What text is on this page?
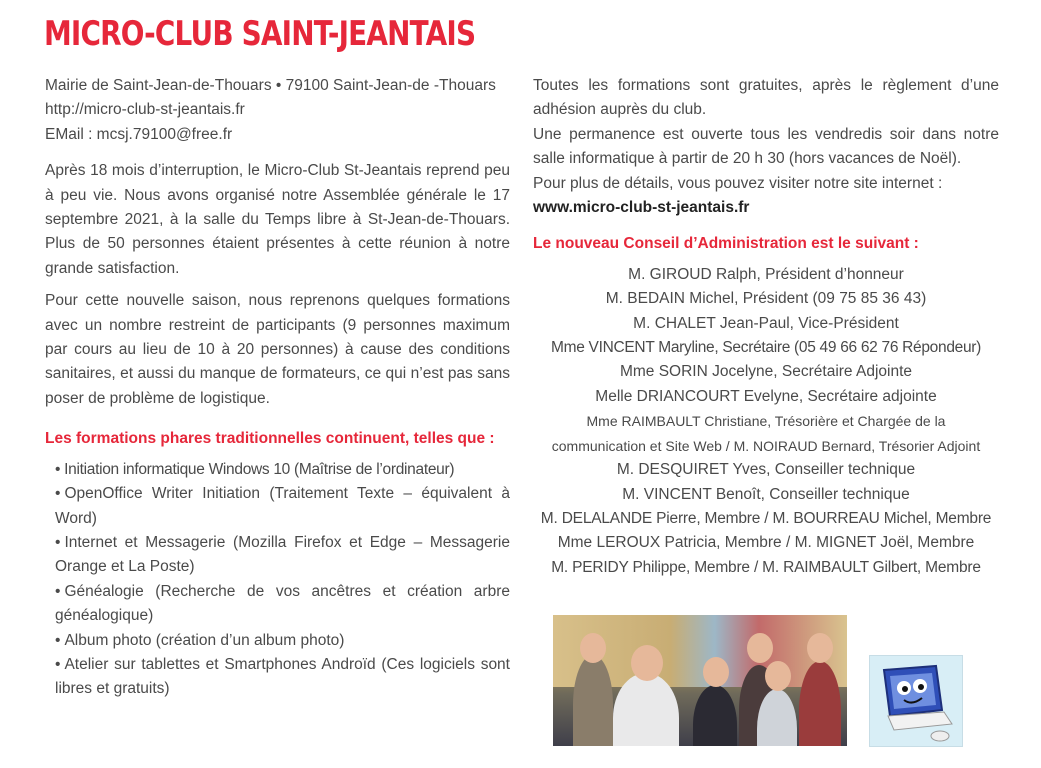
MICRO-CLUB SAINT-JEANTAIS
Mairie de Saint-Jean-de-Thouars • 79100 Saint-Jean-de -Thouars
http://micro-club-st-jeantais.fr
EMail : mcsj.79100@free.fr

Après 18 mois d’interruption, le Micro-Club St-Jeantais reprend peu à peu vie. Nous avons organisé notre Assemblée générale le 17 septembre 2021, à la salle du Temps libre à St-Jean-de-Thouars. Plus de 50 personnes étaient présentes à cette réunion à notre grande satisfaction.

Pour cette nouvelle saison, nous reprenons quelques formations avec un nombre restreint de participants (9 personnes maximum par cours au lieu de 10 à 20 personnes) à cause des conditions sanitaires, et aussi du manque de formateurs, ce qui n’est pas sans poser de problème de logistique.

Les formations phares traditionnelles continuent, telles que :

• Initiation informatique Windows 10 (Maîtrise de l’ordinateur)
• OpenOffice Writer Initiation (Traitement Texte – équivalent à Word)
• Internet et Messagerie (Mozilla Firefox et Edge – Messagerie Orange et La Poste)
• Généalogie (Recherche de vos ancêtres et création arbre généalogique)
• Album photo (création d’un album photo)
• Atelier sur tablettes et Smartphones Androïd (Ces logiciels sont libres et gratuits)

Toutes les formations sont gratuites, après le règlement d’une adhésion auprès du club.

Une permanence est ouverte tous les vendredis soir dans notre salle informatique à partir de 20 h 30 (hors vacances de Noël).

Pour plus de détails, vous pouvez visiter notre site internet :

www.micro-club-st-jeantais.fr

Le nouveau Conseil d’Administration est le suivant :

M. GIROUD Ralph, Président d’honneur
M. BEDAIN Michel, Président (09 75 85 36 43)
M. CHALET Jean-Paul, Vice-Président
Mme VINCENT Maryline, Secrétaire (05 49 66 62 76 Répondeur)
Mme SORIN Jocelyne, Secrétaire Adjointe
Melle DRIANCOURT Evelyne, Secrétaire adjointe
Mme RAIMBAULT Christiane, Trésorière et Chargée de la
communication et Site Web / M. NOIRAUD Bernard, Trésorier Adjoint
M. DESQUIRET Yves, Conseiller technique
M. VINCENT Benoît, Conseiller technique
M. DELALANDE Pierre, Membre / M. BOURREAU Michel, Membre
Mme LEROUX Patricia, Membre / M. MIGNET Joël, Membre
M. PERIDY Philippe, Membre / M. RAIMBAULT Gilbert, Membre
